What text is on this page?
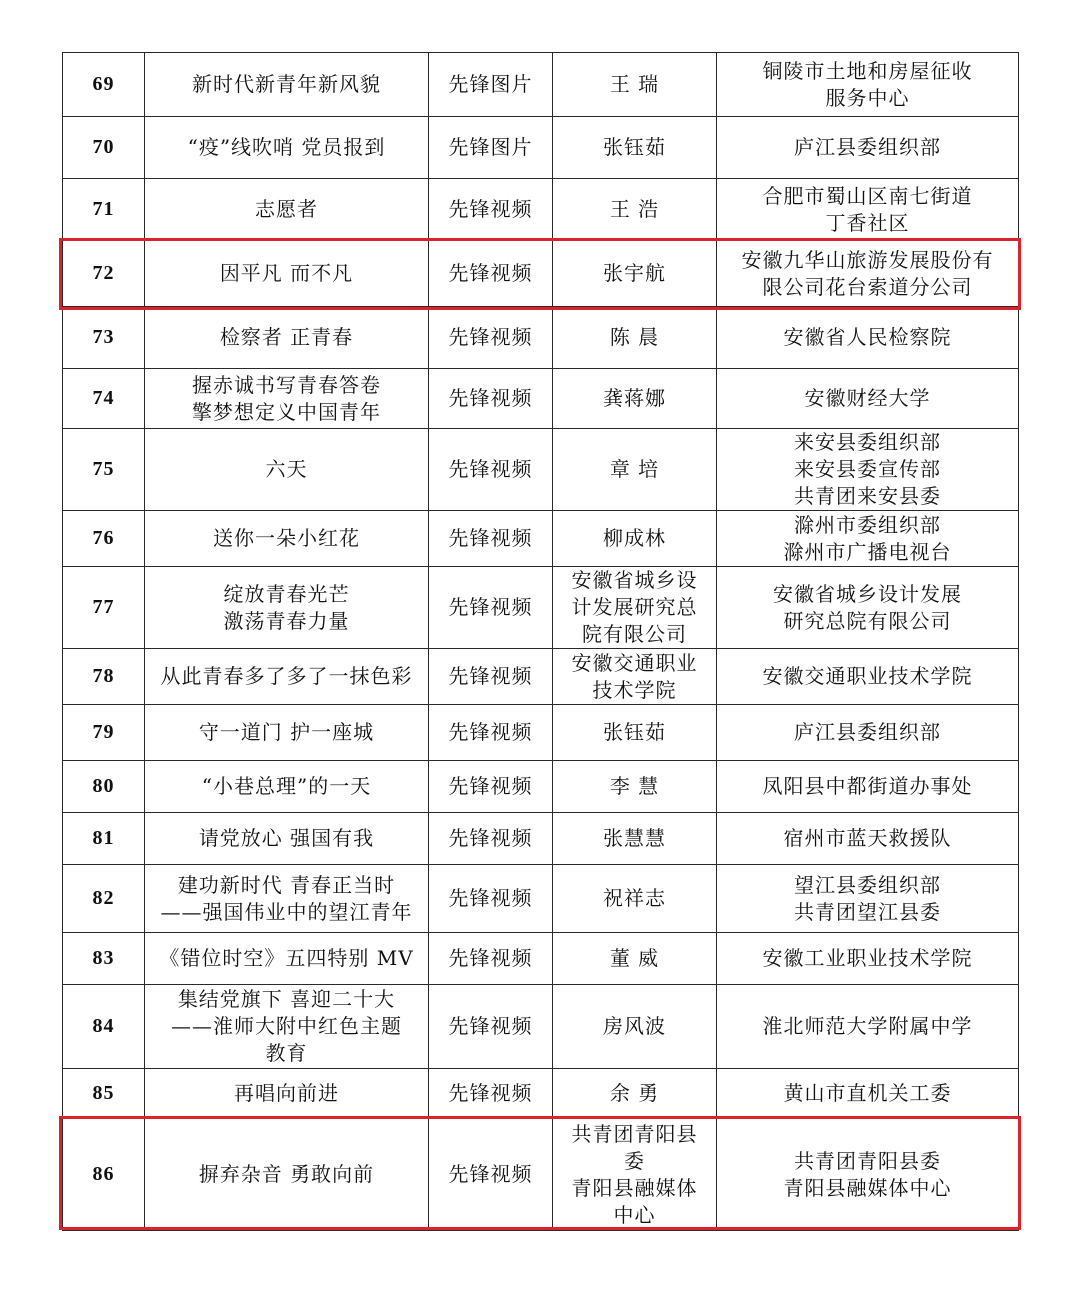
69	新时代新青年新风貌	先锋图片	王 瑞	铜陵市土地和房屋征收
服务中心

70	“疫”线吹哨 党员报到	先锋图片	张钰茹	庐江县委组织部

71	志愿者	先锋视频	王 浩	合肥市蜀山区南七街道
丁香社区

72	因平凡 而不凡	先锋视频	张宇航	安徽九华山旅游发展股份有
限公司花台索道分公司

73	检察者 正青春	先锋视频	陈 晨	安徽省人民检察院

74	握赤诚书写青春答卷
擎梦想定义中国青年	先锋视频	龚蒋娜	安徽财经大学

75	六天	先锋视频	章 培	来安县委组织部
来安县委宣传部
共青团来安县委

76	送你一朵小红花	先锋视频	柳成林	滁州市委组织部
滁州市广播电视台

77	绽放青春光芒
激荡青春力量	先锋视频	安徽省城乡设
计发展研究总
院有限公司	安徽省城乡设计发展
研究总院有限公司

78	从此青春多了多了一抹色彩	先锋视频	安徽交通职业
技术学院	安徽交通职业技术学院

79	守一道门 护一座城	先锋视频	张钰茹	庐江县委组织部

80	“小巷总理”的一天	先锋视频	李 慧	凤阳县中都街道办事处

81	请党放心 强国有我	先锋视频	张慧慧	宿州市蓝天救援队

82	建功新时代 青春正当时
——强国伟业中的望江青年	先锋视频	祝祥志	望江县委组织部
共青团望江县委

83	《错位时空》五四特别 MV	先锋视频	董 威	安徽工业职业技术学院

84	集结党旗下 喜迎二十大
——淮师大附中红色主题
教育	先锋视频	房风波	淮北师范大学附属中学

85	再唱向前进	先锋视频	余 勇	黄山市直机关工委

86	摒弃杂音 勇敢向前	先锋视频	共青团青阳县
委
青阳县融媒体
中心	共青团青阳县委
青阳县融媒体中心
